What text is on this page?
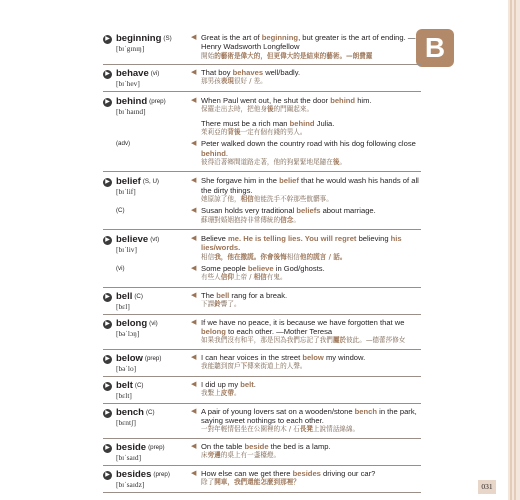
B
▶ beginning (S)
[bɪˈgɪnɪŋ]
◀ Great is the art of beginning, but greater is the art of ending. —Henry Wadsworth Longfellow
開始的藝術是偉大的，但更偉大的是結束的藝術。—朗費羅
▶ behave (vi)
[bɪˈhev]
◀ That boy behaves well/badly.
那男孩表現很好 / 差。
▶ behind (prep)
[bɪˈhaɪnd]
◀ When Paul went out, he shut the door behind him.
保羅走出去時，把他身後的門關起來。
There must be a rich man behind Julia.
茱莉亞的背後一定有個有錢的男人。
(adv)	◀ Peter walked down the country road with his dog following close behind.
彼得沿著鄉間道路走著，他的狗緊緊地尾隨在後。
▶ belief (S, U)
[bɪˈlif]
◀ She forgave him in the belief that he would wash his hands of all the dirty things.
她原諒了他，相信他能洗手不幹那些骯髒事。
(C)	◀ Susan holds very traditional beliefs about marriage.
蘇珊對婚姻抱持非常傳統的信念。
▶ believe (vt)
[bɪˈliv]
◀ Believe me. He is telling lies. You will regret believing his lies/words.
相信我，他在撒謊。你會後悔相信他的謊言 / 話。
(vi)	◀ Some people believe in God/ghosts.
有些人信仰上帝 / 相信有鬼。
▶ bell (C)
[bɛl]
◀ The bell rang for a break.
下課鈴響了。
▶ belong (vi)
[bəˈlɔŋ]
◀ If we have no peace, it is because we have forgotten that we belong to each other. —Mother Teresa
如果我們沒有和平，那是因為我們忘記了我們屬於彼此。—德蕾莎修女
▶ below (prep)
[bəˈlo]
◀ I can hear voices in the street below my window.
我能聽到窗戶下傳來街道上的人聲。
▶ belt (C)
[bɛlt]
◀ I did up my belt.
我繫上皮帶。
▶ bench (C)
[bɛntʃ]
◀ A pair of young lovers sat on a wooden/stone bench in the park, saying sweet nothings to each other.
一對年輕情侶坐在公園裡的木 / 石長凳上說情話綿綿。
▶ beside (prep)
[bɪˈsaɪd]
◀ On the table beside the bed is a lamp.
床旁邊的桌上有一盞檯燈。
▶ besides (prep)
[bɪˈsaɪdz]
◀ How else can we get there besides driving our car?
除了開車，我們還能怎麼到那裡？
031
